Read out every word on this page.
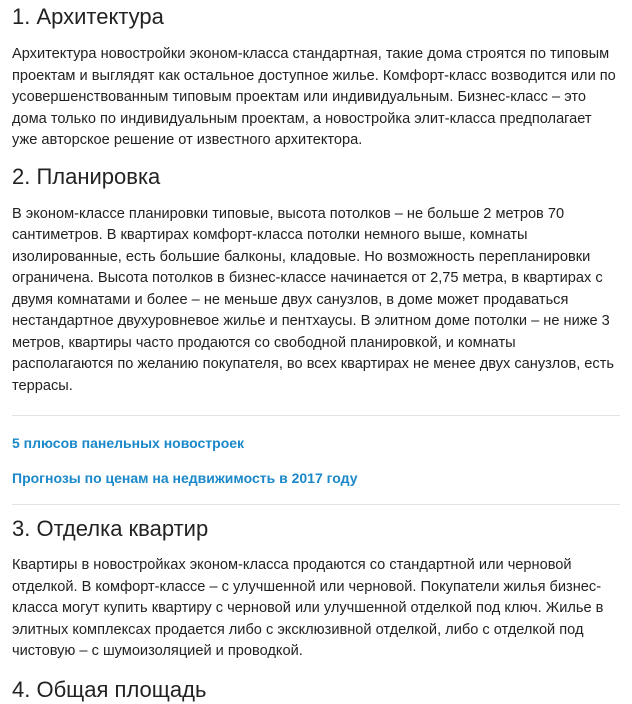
1. Архитектура

Архитектура новостройки эконом-класса стандартная, такие дома строятся по типовым проектам и выглядят как остальное доступное жилье. Комфорт-класс возводится или по усовершенствованным типовым проектам или индивидуальным. Бизнес-класс – это дома только по индивидуальным проектам, а новостройка элит-класса предполагает уже авторское решение от известного архитектора.

2. Планировка

В эконом-классе планировки типовые, высота потолков – не больше 2 метров 70 сантиметров. В квартирах комфорт-класса потолки немного выше, комнаты изолированные, есть большие балконы, кладовые. Но возможность перепланировки ограничена. Высота потолков в бизнес-классе начинается от 2,75 метра, в квартирах с двумя комнатами и более – не меньше двух санузлов, в доме может продаваться нестандартное двухуровневое жилье и пентхаусы. В элитном доме потолки – не ниже 3 метров, квартиры часто продаются со свободной планировкой, и комнаты располагаются по желанию покупателя, во всех квартирах не менее двух санузлов, есть террасы.

5 плюсов панельных новостроек
Прогнозы по ценам на недвижимость в 2017 году
3. Отделка квартир

Квартиры в новостройках эконом-класса продаются со стандартной или черновой отделкой. В комфорт-классе – с улучшенной или черновой. Покупатели жилья бизнес-класса могут купить квартиру с черновой или улучшенной отделкой под ключ. Жилье в элитных комплексах продается либо с эксклюзивной отделкой, либо с отделкой под чистовую – с шумоизоляцией и проводкой.

4. Общая площадь
